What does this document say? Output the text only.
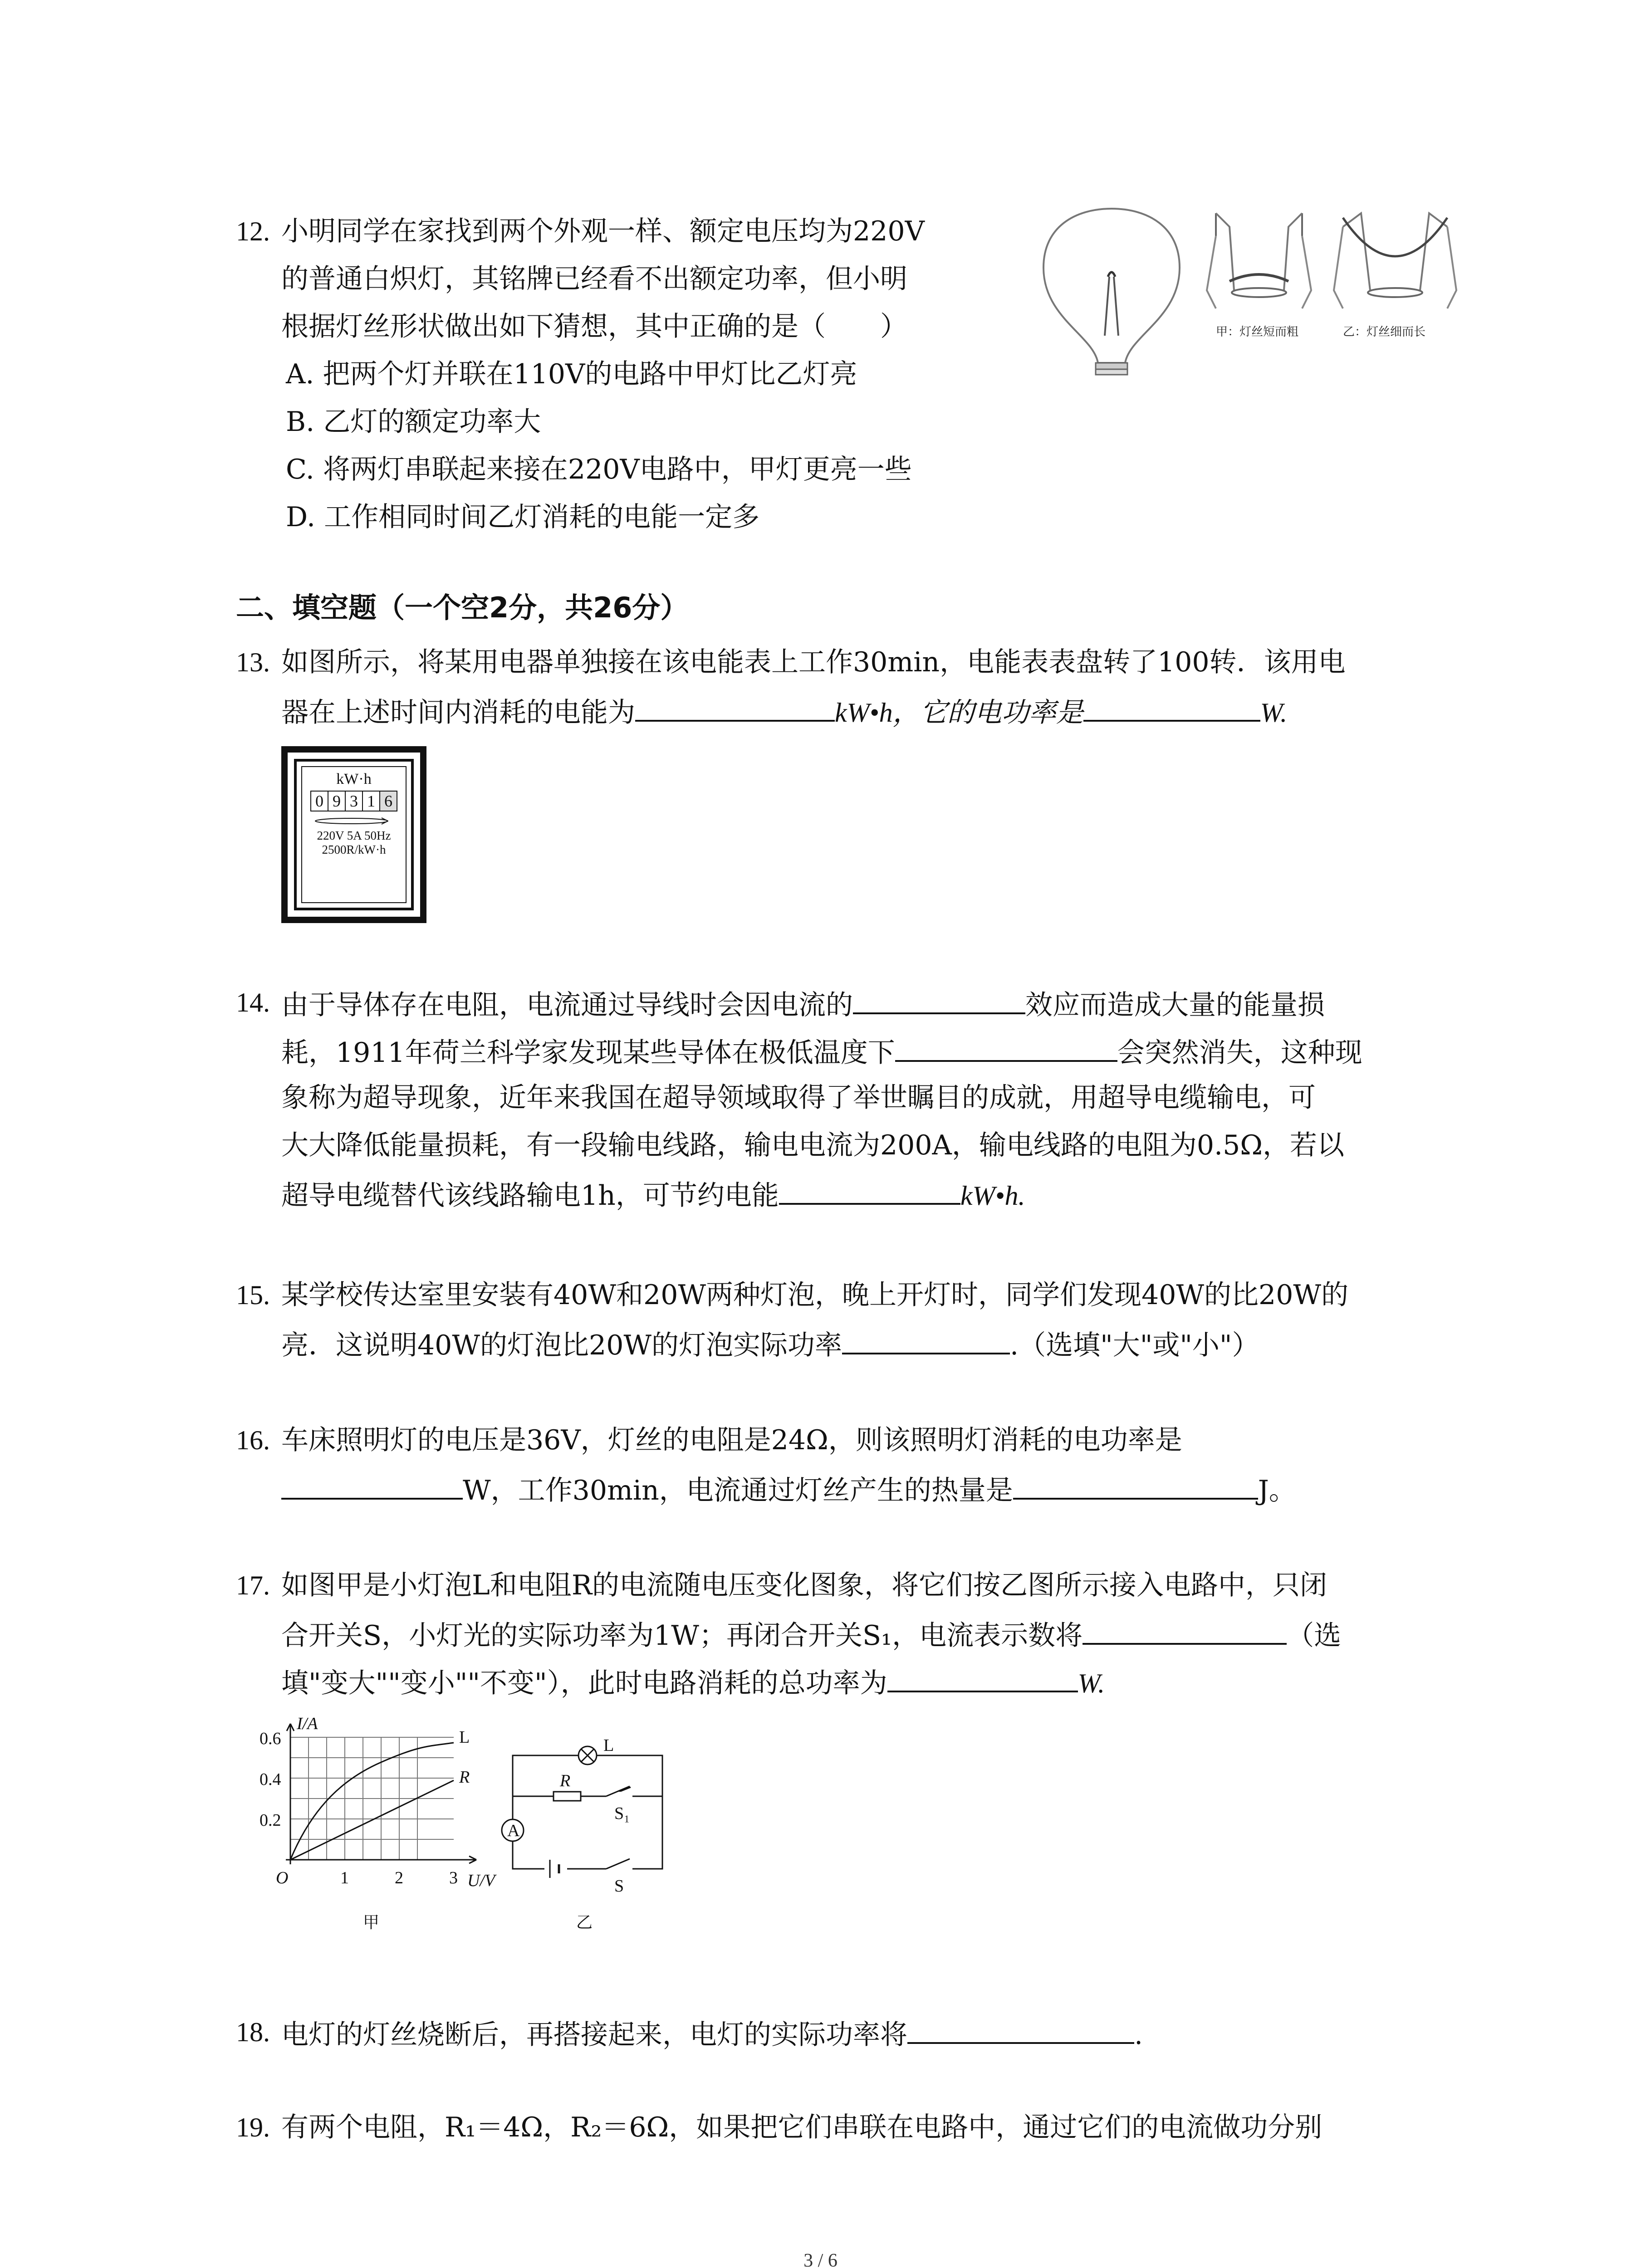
12. 小明同学在家找到两个外观一样、额定电压均为220V
的普通白炽灯，其铭牌已经看不出额定功率，但小明
根据灯丝形状做出如下猜想，其中正确的是（　　）
A. 把两个灯并联在110V的电路中甲灯比乙灯亮
B. 乙灯的额定功率大
C. 将两灯串联起来接在220V电路中，甲灯更亮一些
D. 工作相同时间乙灯消耗的电能一定多
甲：灯丝短而粗	乙：灯丝细而长
二、填空题（一个空2分，共26分）
13. 如图所示，将某用电器单独接在该电能表上工作30min，电能表表盘转了100转．该用电
器在上述时间内消耗的电能为	kW•h，它的电功率是	W.
kW·h
0 9 3 1 6
220V 5A 50Hz
2500R/kW·h
14. 由于导体存在电阻，电流通过导线时会因电流的	效应而造成大量的能量损
耗，1911年荷兰科学家发现某些导体在极低温度下	会突然消失，这种现
象称为超导现象，近年来我国在超导领域取得了举世瞩目的成就，用超导电缆输电，可
大大降低能量损耗，有一段输电线路，输电电流为200A，输电线路的电阻为0.5Ω，若以
超导电缆替代该线路输电1h，可节约电能	kW•h.
15. 某学校传达室里安装有40W和20W两种灯泡，晚上开灯时，同学们发现40W的比20W的
亮．这说明40W的灯泡比20W的灯泡实际功率	.（选填"大"或"小"）
16. 车床照明灯的电压是36V，灯丝的电阻是24Ω，则该照明灯消耗的电功率是
W，工作30min，电流通过灯丝产生的热量是	J。
17. 如图甲是小灯泡L和电阻R的电流随电压变化图象，将它们按乙图所示接入电路中，只闭
合开关S，小灯光的实际功率为1W；再闭合开关S₁，电流表示数将	（选
填"变大""变小""不变"），此时电路消耗的总功率为	W.
I/A
0.6
0.4
0.2
O	1	2	3 U/V
L
R
甲
L
R
S₁
S
A
乙
18. 电灯的灯丝烧断后，再搭接起来，电灯的实际功率将	.
19. 有两个电阻，R₁＝4Ω，R₂＝6Ω，如果把它们串联在电路中，通过它们的电流做功分别
3 / 6
